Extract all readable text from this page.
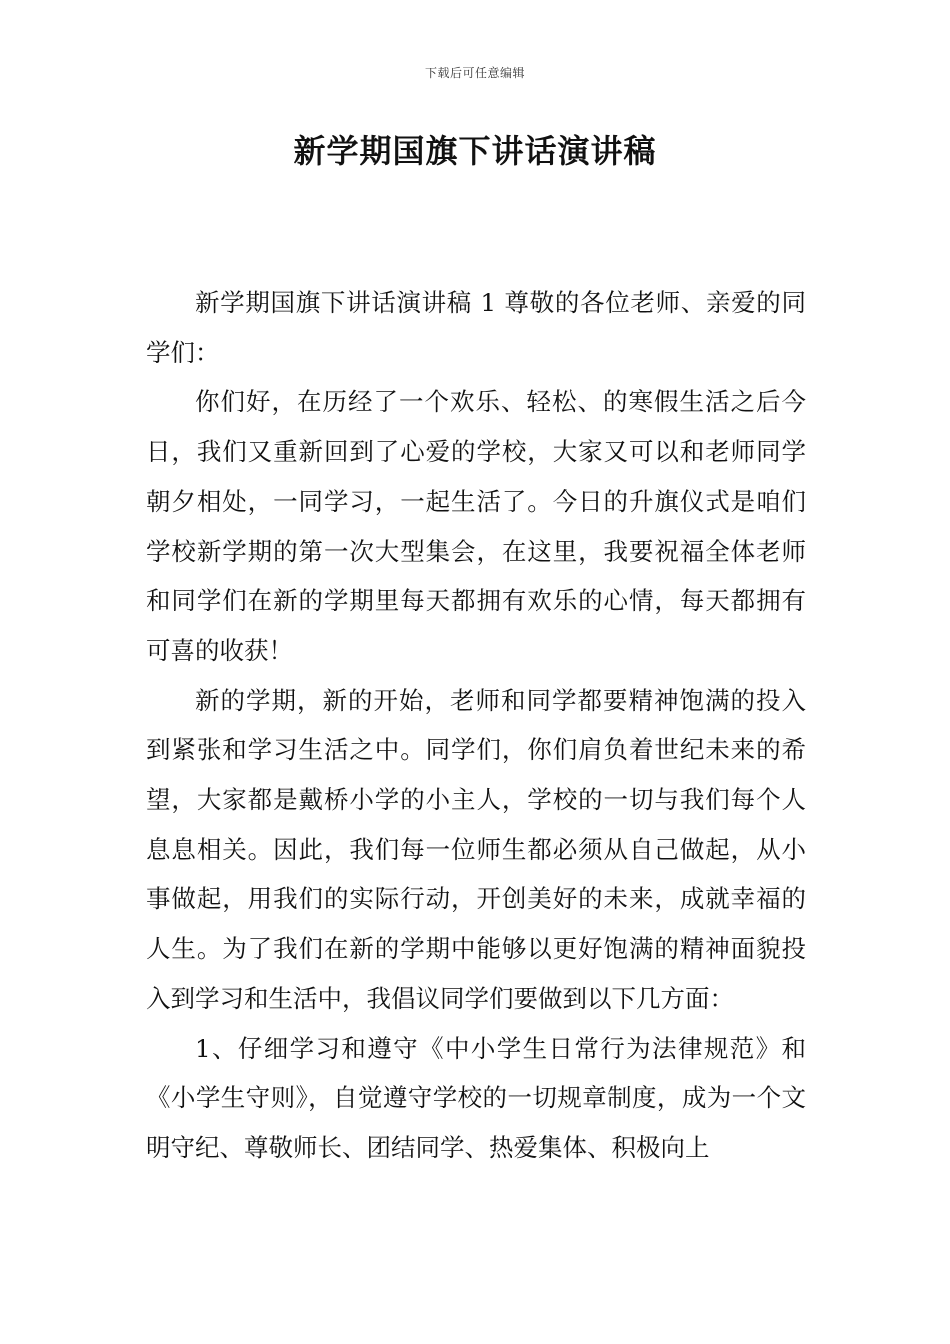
下载后可任意编辑
新学期国旗下讲话演讲稿

新学期国旗下讲话演讲稿 1 尊敬的各位老师、亲爱的同学们：

你们好，在历经了一个欢乐、轻松、的寒假生活之后今日，我们又重新回到了心爱的学校，大家又可以和老师同学朝夕相处，一同学习，一起生活了。今日的升旗仪式是咱们学校新学期的第一次大型集会，在这里，我要祝福全体老师和同学们在新的学期里每天都拥有欢乐的心情，每天都拥有可喜的收获！

新的学期，新的开始，老师和同学都要精神饱满的投入到紧张和学习生活之中。同学们，你们肩负着世纪未来的希望，大家都是戴桥小学的小主人，学校的一切与我们每个人息息相关。因此，我们每一位师生都必须从自己做起，从小事做起，用我们的实际行动，开创美好的未来，成就幸福的人生。为了我们在新的学期中能够以更好饱满的精神面貌投入到学习和生活中，我倡议同学们要做到以下几方面：

1、仔细学习和遵守《中小学生日常行为法律规范》和《小学生守则》，自觉遵守学校的一切规章制度，成为一个文明守纪、尊敬师长、团结同学、热爱集体、积极向上
